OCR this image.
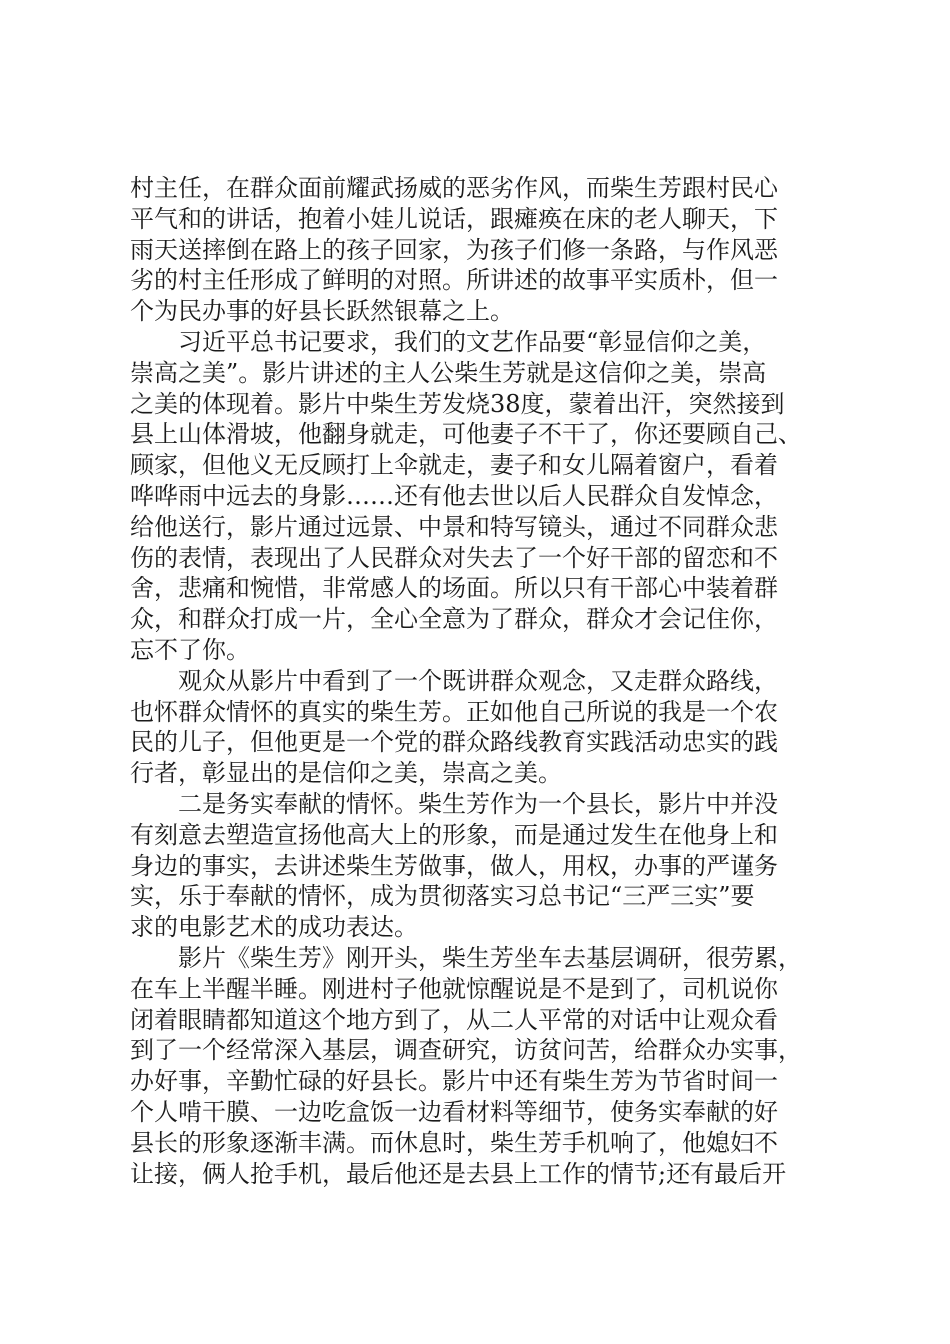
村主任，在群众面前耀武扬威的恶劣作风，而柴生芳跟村民心
平气和的讲话，抱着小娃儿说话，跟瘫痪在床的老人聊天，下
雨天送摔倒在路上的孩子回家，为孩子们修一条路，与作风恶
劣的村主任形成了鲜明的对照。所讲述的故事平实质朴，但一
个为民办事的好县长跃然银幕之上。
习近平总书记要求，我们的文艺作品要“彰显信仰之美，
崇高之美”。影片讲述的主人公柴生芳就是这信仰之美，崇高
之美的体现着。影片中柴生芳发烧38度，蒙着出汗，突然接到
县上山体滑坡，他翻身就走，可他妻子不干了，你还要顾自己、
顾家，但他义无反顾打上伞就走，妻子和女儿隔着窗户，看着
哗哗雨中远去的身影……还有他去世以后人民群众自发悼念，
给他送行，影片通过远景、中景和特写镜头，通过不同群众悲
伤的表情，表现出了人民群众对失去了一个好干部的留恋和不
舍，悲痛和惋惜，非常感人的场面。所以只有干部心中装着群
众，和群众打成一片，全心全意为了群众，群众才会记住你，
忘不了你。
观众从影片中看到了一个既讲群众观念，又走群众路线，
也怀群众情怀的真实的柴生芳。正如他自己所说的我是一个农
民的儿子，但他更是一个党的群众路线教育实践活动忠实的践
行者，彰显出的是信仰之美，崇高之美。
二是务实奉献的情怀。柴生芳作为一个县长，影片中并没
有刻意去塑造宣扬他高大上的形象，而是通过发生在他身上和
身边的事实，去讲述柴生芳做事，做人，用权，办事的严谨务
实，乐于奉献的情怀，成为贯彻落实习总书记“三严三实”要
求的电影艺术的成功表达。
影片《柴生芳》刚开头，柴生芳坐车去基层调研，很劳累，
在车上半醒半睡。刚进村子他就惊醒说是不是到了，司机说你
闭着眼睛都知道这个地方到了，从二人平常的对话中让观众看
到了一个经常深入基层，调查研究，访贫问苦，给群众办实事，
办好事，辛勤忙碌的好县长。影片中还有柴生芳为节省时间一
个人啃干膜、一边吃盒饭一边看材料等细节，使务实奉献的好
县长的形象逐渐丰满。而休息时，柴生芳手机响了，他媳妇不
让接，俩人抢手机，最后他还是去县上工作的情节;还有最后开
